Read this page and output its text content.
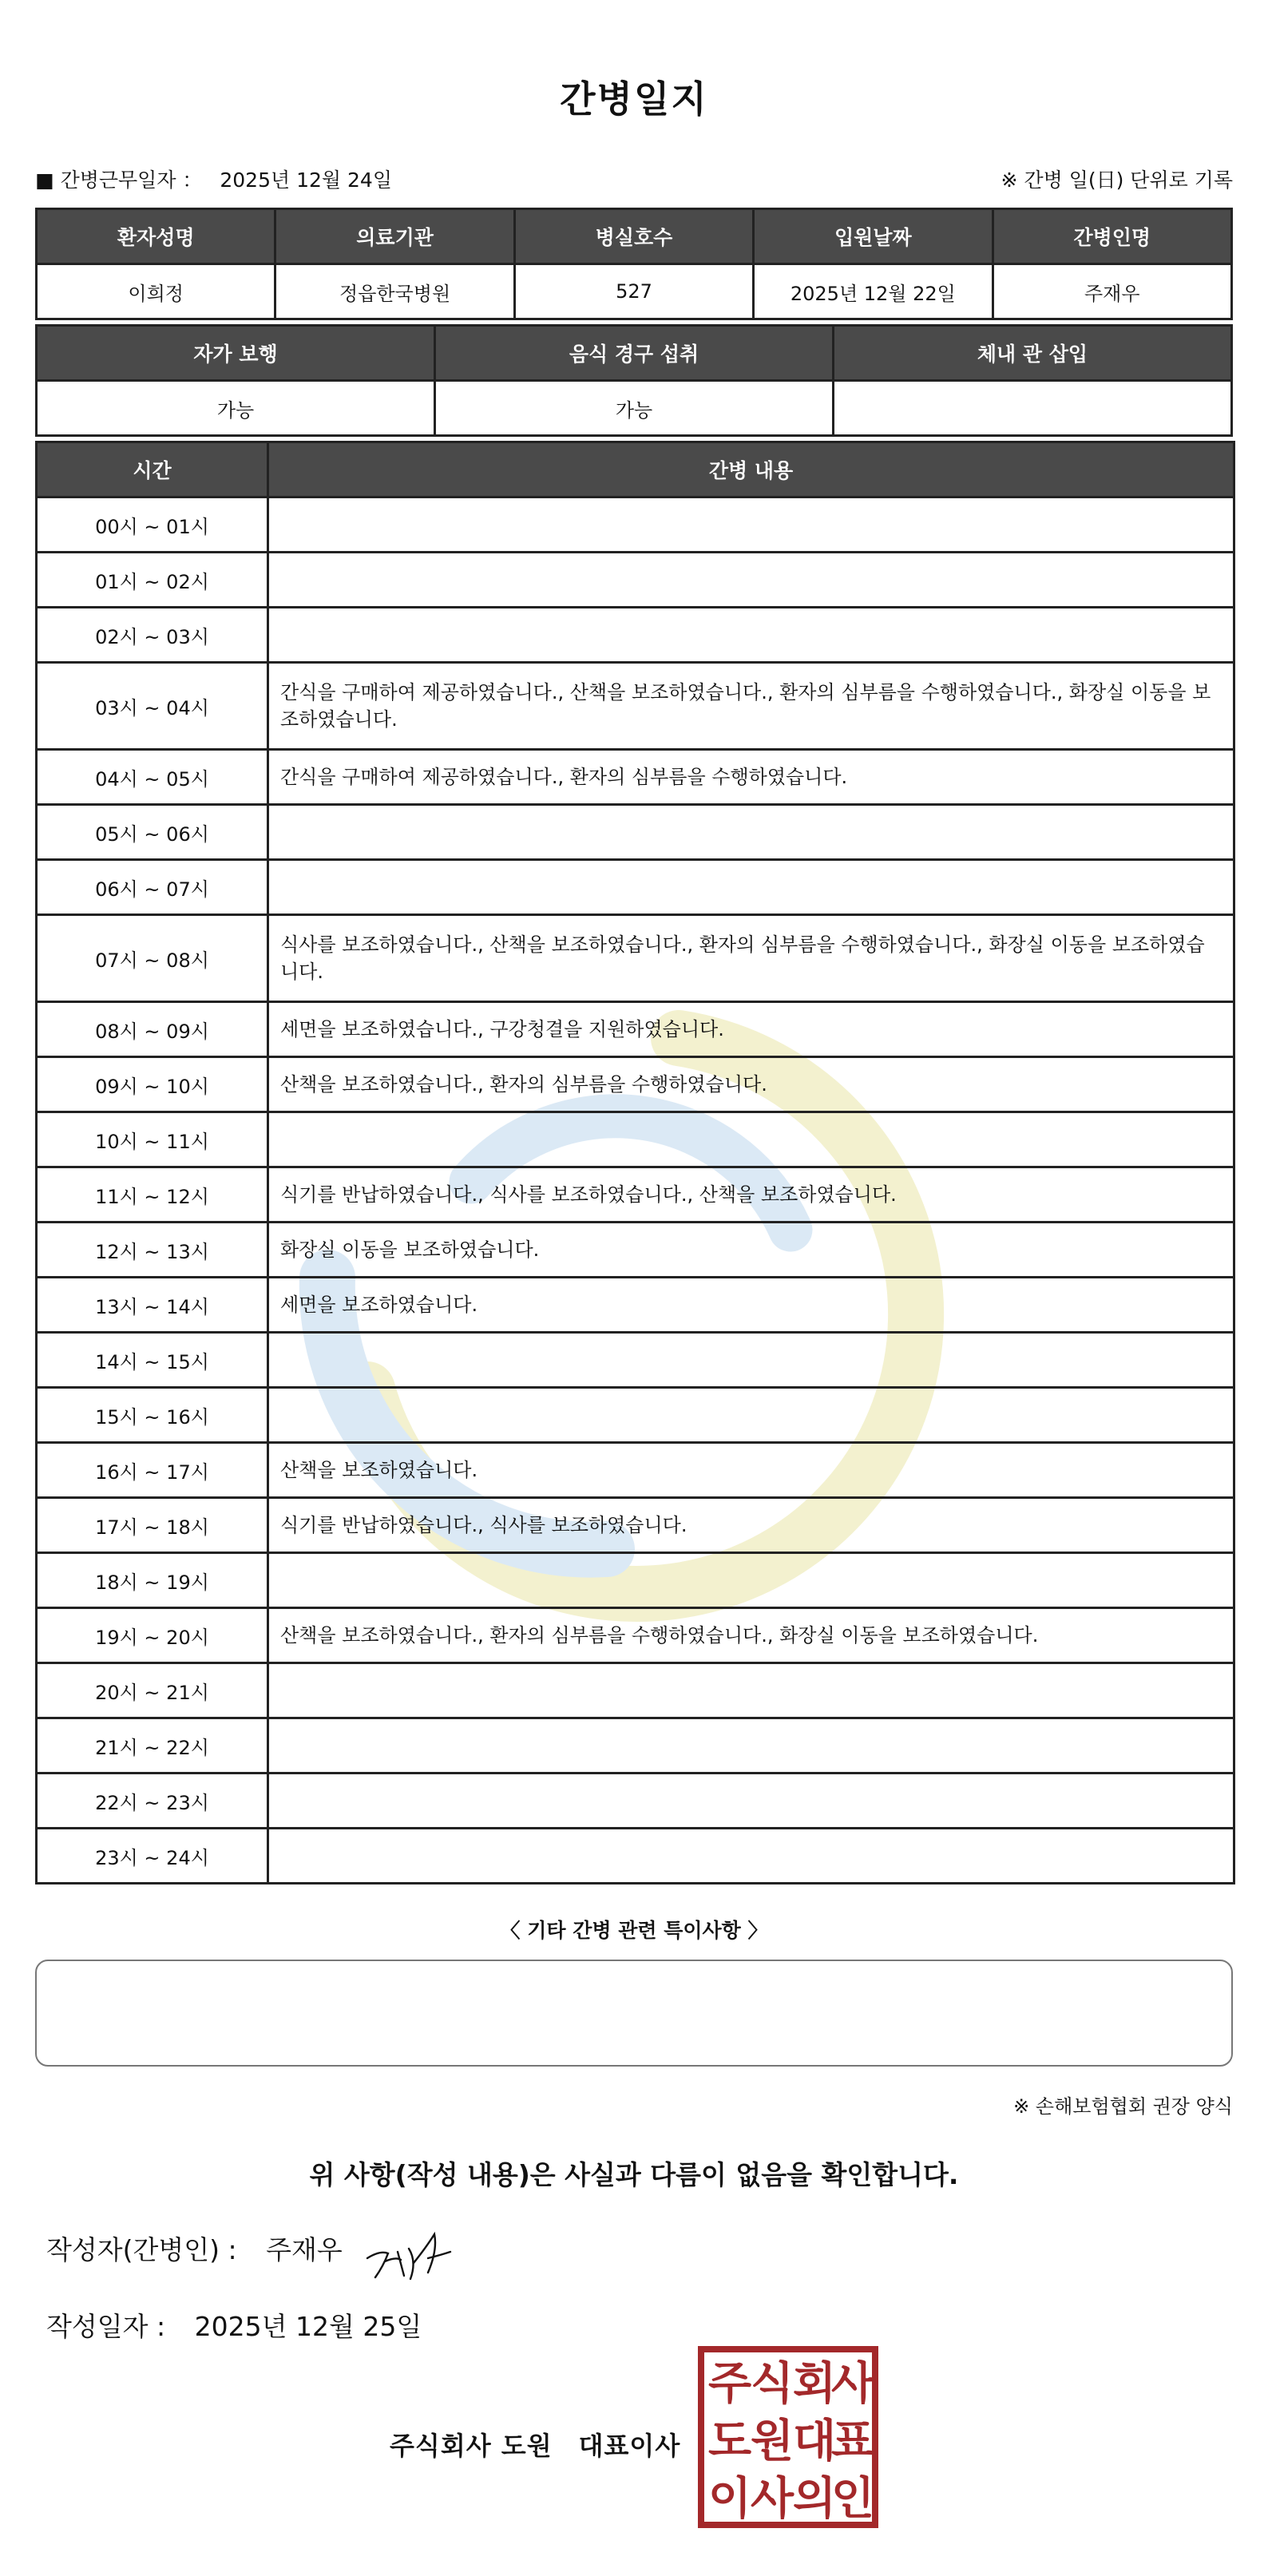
간병일지
■ 간병근무일자 ： 2025년 12월 24일	※ 간병 일(日) 단위로 기록
환자성명	의료기관	병실호수	입원날짜	간병인명
이희정	정읍한국병원	527	2025년 12월 22일	주재우
자가 보행	음식 경구 섭취	체내 관 삽입
가능	가능	
시간	간병 내용
00시 ~ 01시	
01시 ~ 02시	
02시 ~ 03시	
03시 ~ 04시	간식을 구매하여 제공하였습니다., 산책을 보조하였습니다., 환자의 심부름을 수행하였습니다., 화장실 이동을 보조하였습니다.
04시 ~ 05시	간식을 구매하여 제공하였습니다., 환자의 심부름을 수행하였습니다.
05시 ~ 06시	
06시 ~ 07시	
07시 ~ 08시	식사를 보조하였습니다., 산책을 보조하였습니다., 환자의 심부름을 수행하였습니다., 화장실 이동을 보조하였습니다.
08시 ~ 09시	세면을 보조하였습니다., 구강청결을 지원하였습니다.
09시 ~ 10시	산책을 보조하였습니다., 환자의 심부름을 수행하였습니다.
10시 ~ 11시	
11시 ~ 12시	식기를 반납하였습니다., 식사를 보조하였습니다., 산책을 보조하였습니다.
12시 ~ 13시	화장실 이동을 보조하였습니다.
13시 ~ 14시	세면을 보조하였습니다.
14시 ~ 15시	
15시 ~ 16시	
16시 ~ 17시	산책을 보조하였습니다.
17시 ~ 18시	식기를 반납하였습니다., 식사를 보조하였습니다.
18시 ~ 19시	
19시 ~ 20시	산책을 보조하였습니다., 환자의 심부름을 수행하였습니다., 화장실 이동을 보조하였습니다.
20시 ~ 21시	
21시 ~ 22시	
22시 ~ 23시	
23시 ~ 24시	
〈 기타 간병 관련 특이사항 〉
※ 손해보험협회 권장 양식
위 사항(작성 내용)은 사실과 다름이 없음을 확인합니다.
작성자(간병인) : 주재우
작성일자 : 2025년 12월 25일
주식회사 도원　대표이사
주
식
회
사
도
원
대
표
이
사
의
인
